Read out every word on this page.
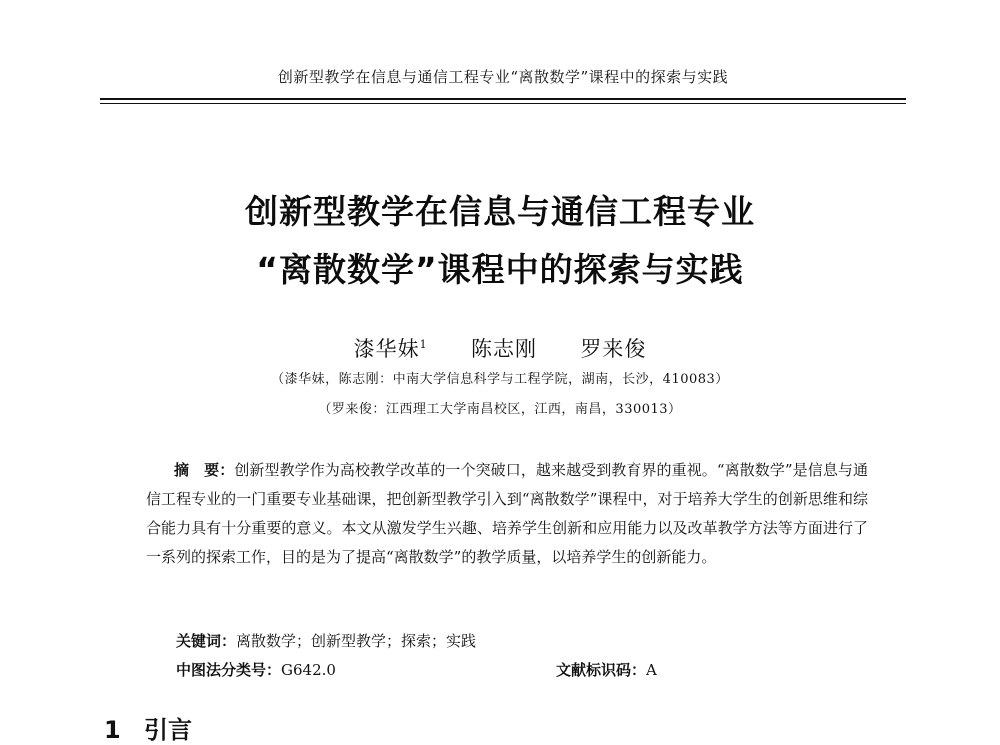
创新型教学在信息与通信工程专业“离散数学”课程中的探索与实践
创新型教学在信息与通信工程专业
“离散数学”课程中的探索与实践
漆华妹$^1$ 陈志刚 罗来俊
（漆华妹，陈志刚：中南大学信息科学与工程学院，湖南，长沙，410083）
（罗来俊：江西理工大学南昌校区，江西，南昌，330013）
摘　要：创新型教学作为高校教学改革的一个突破口，越来越受到教育界的重视。“离散数学”是信息与通信工程专业的一门重要专业基础课，把创新型教学引入到“离散数学”课程中，对于培养大学生的创新思维和综合能力具有十分重要的意义。本文从激发学生兴趣、培养学生创新和应用能力以及改革教学方法等方面进行了一系列的探索工作，目的是为了提高“离散数学”的教学质量，以培养学生的创新能力。
关键词：离散数学；创新型教学；探索；实践
中图法分类号：G642.0	文献标识码：A
1 引言
